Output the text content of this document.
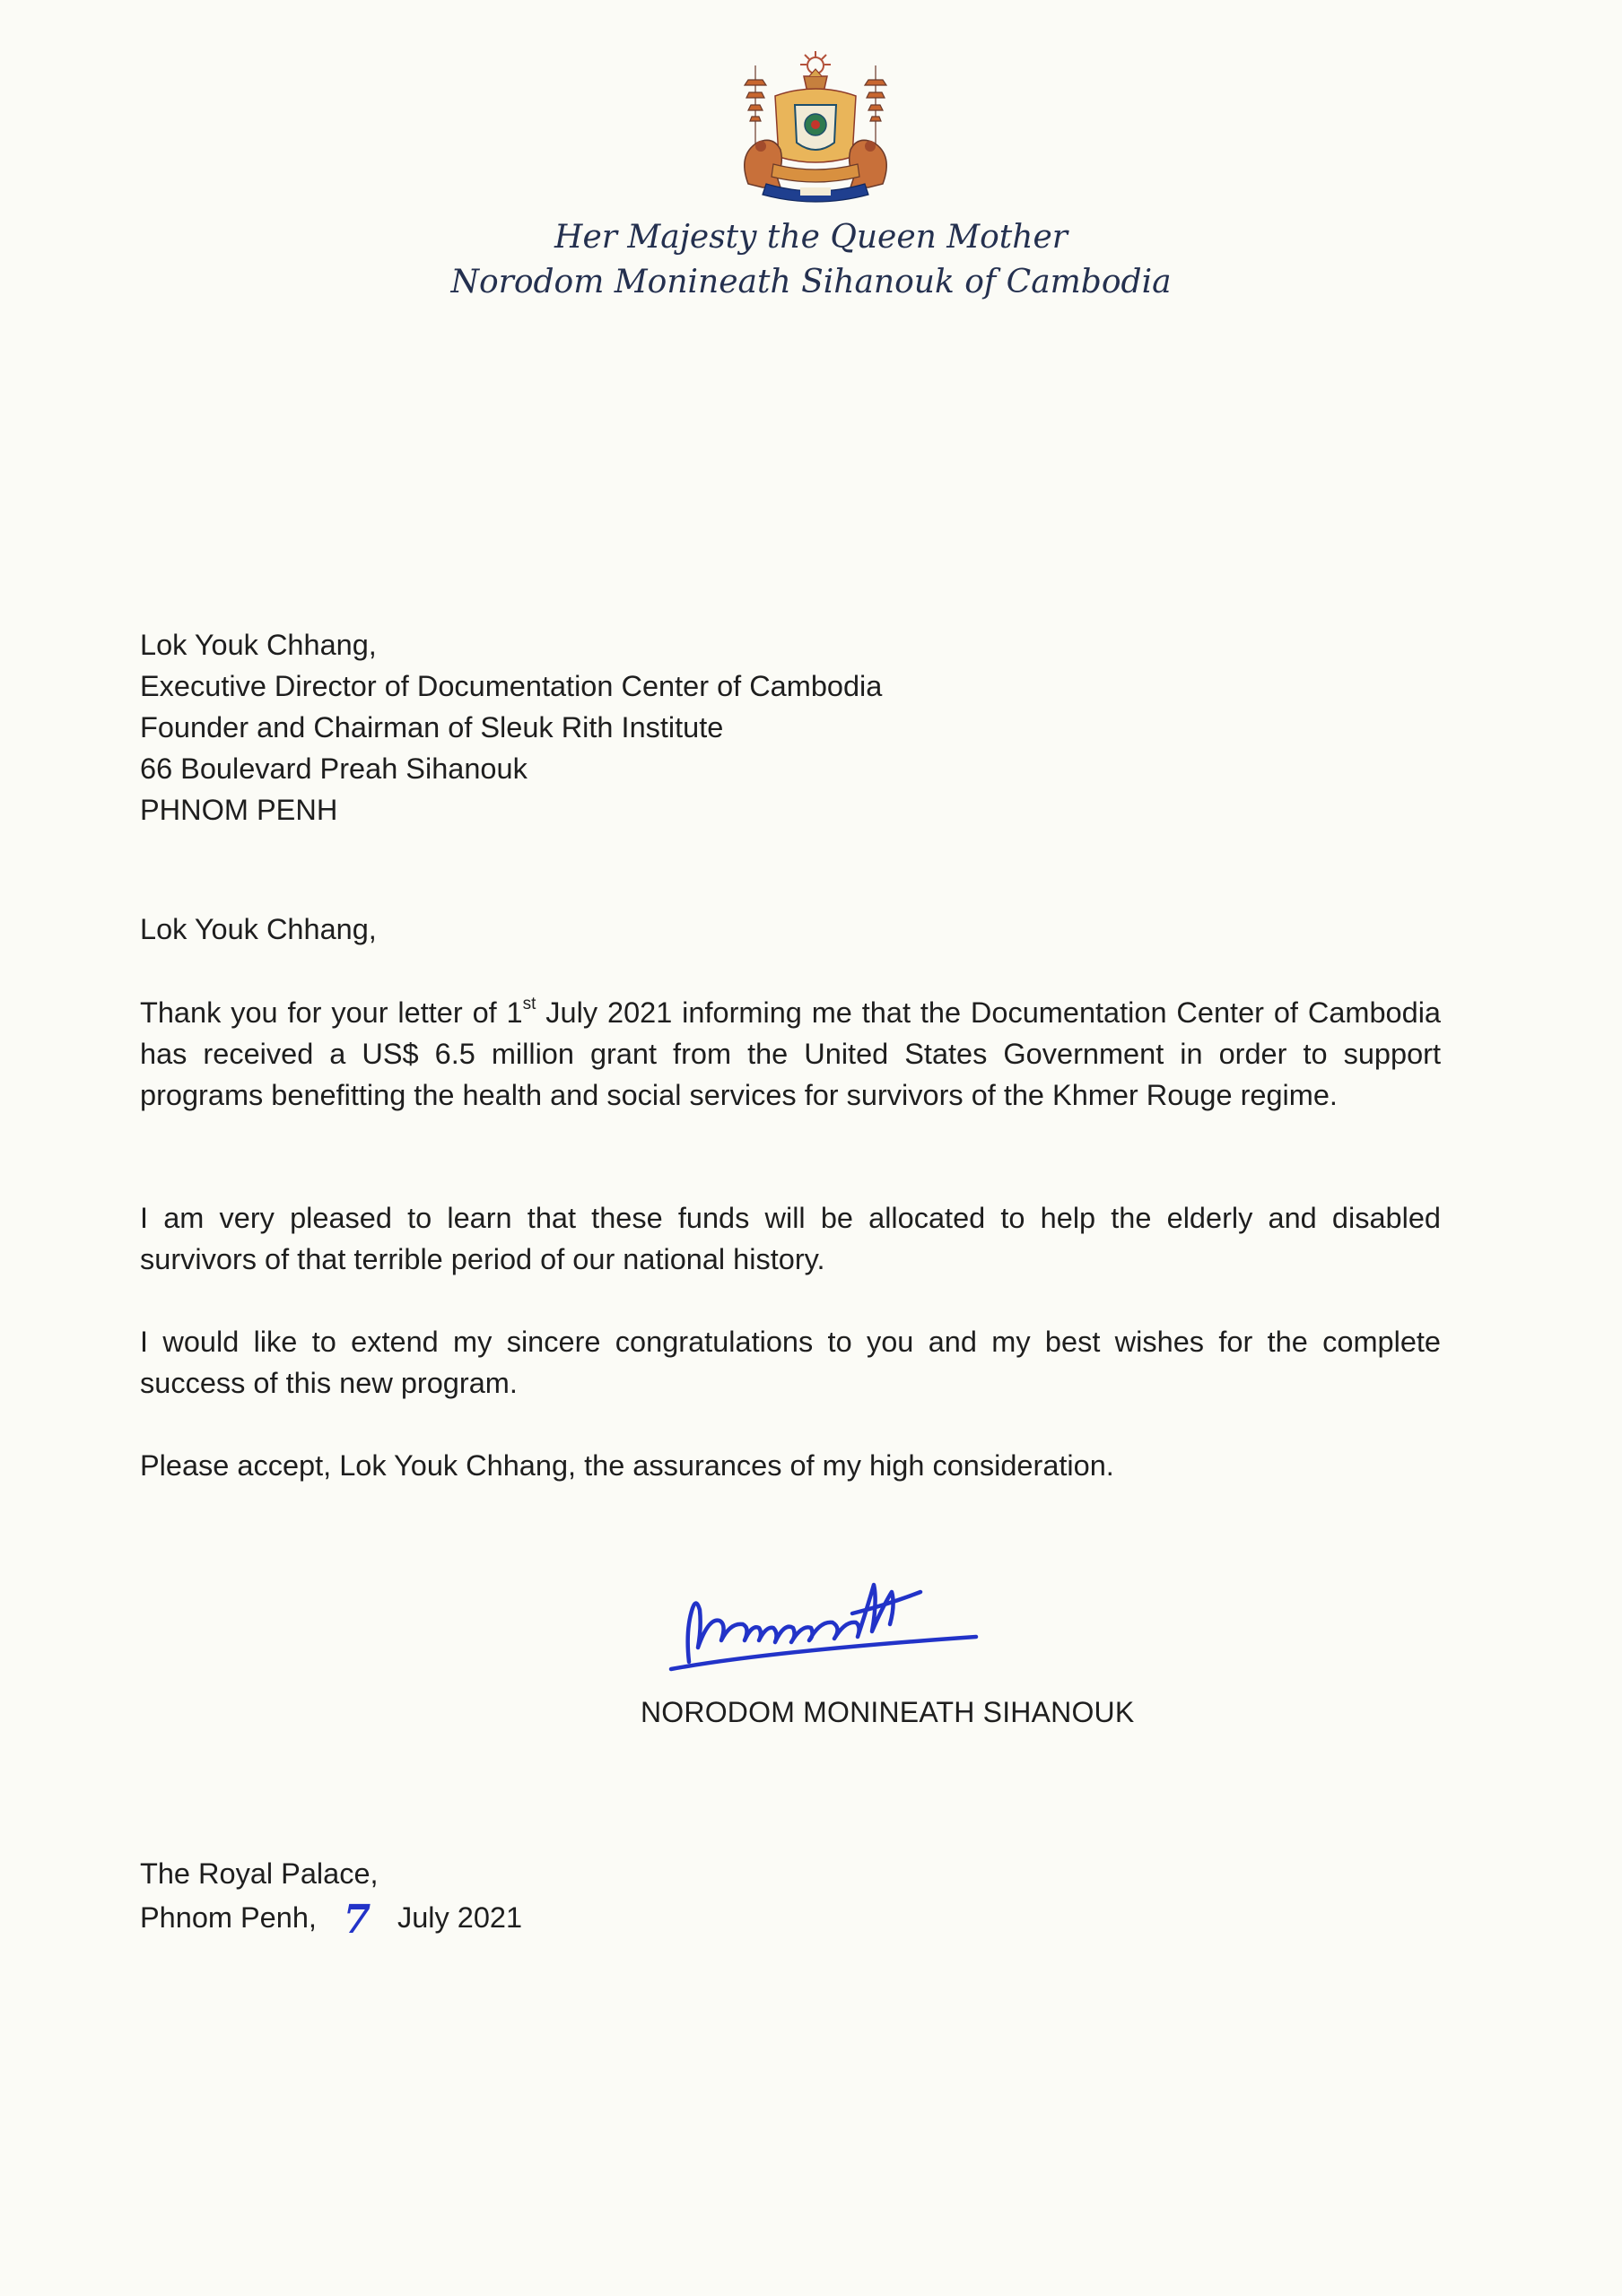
Her Majesty the Queen Mother
Norodom Monineath Sihanouk of Cambodia
Lok Youk Chhang,
Executive Director of Documentation Center of Cambodia
Founder and Chairman of Sleuk Rith Institute
66 Boulevard Preah Sihanouk
PHNOM PENH
Lok Youk Chhang,
Thank you for your letter of 1st July 2021 informing me that the Documentation Center of Cambodia has received a US$ 6.5 million grant from the United States Government in order to support programs benefitting the health and social services for survivors of the Khmer Rouge regime.
I am very pleased to learn that these funds will be allocated to help the elderly and disabled survivors of that terrible period of our national history.
I would like to extend my sincere congratulations to you and my best wishes for the complete success of this new program.
Please accept, Lok Youk Chhang, the assurances of my high consideration.
NORODOM MONINEATH SIHANOUK
The Royal Palace,
Phnom Penh, 7 July 2021
